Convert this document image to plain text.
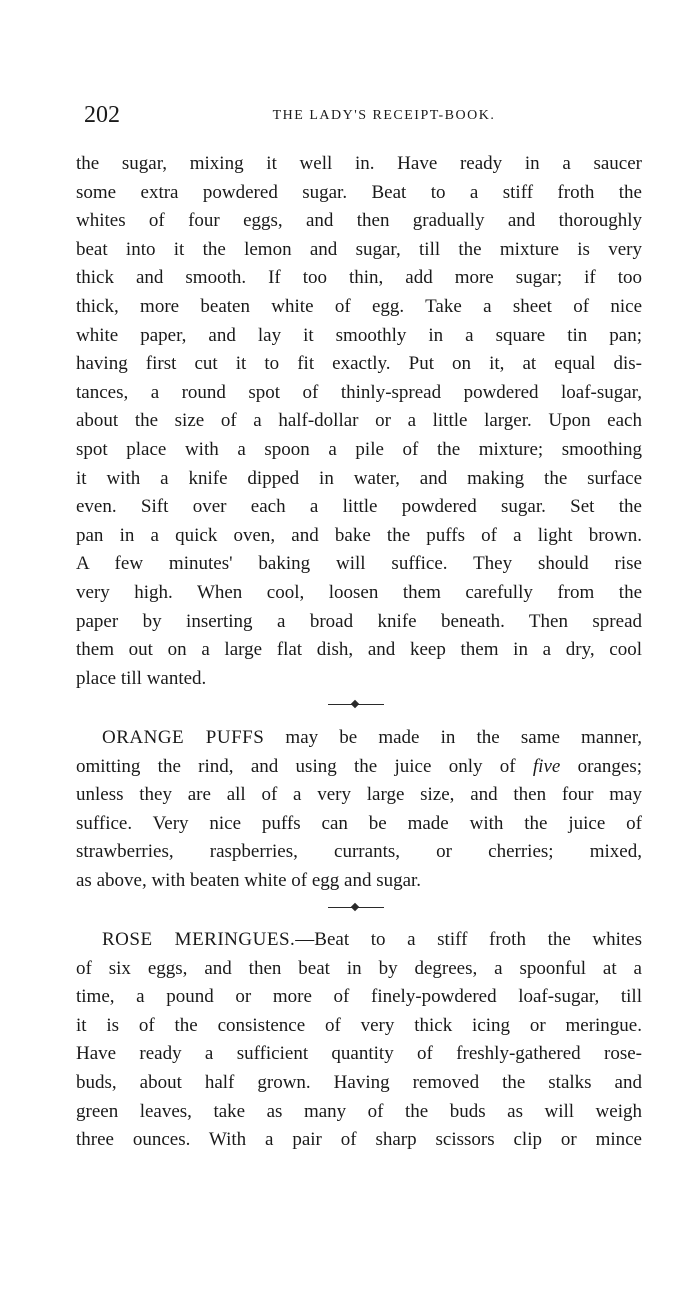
202	THE LADY'S RECEIPT-BOOK.
the sugar, mixing it well in. Have ready in a saucer
some extra powdered sugar. Beat to a stiff froth the
whites of four eggs, and then gradually and thoroughly
beat into it the lemon and sugar, till the mixture is very
thick and smooth. If too thin, add more sugar; if too
thick, more beaten white of egg. Take a sheet of nice
white paper, and lay it smoothly in a square tin pan;
having first cut it to fit exactly. Put on it, at equal dis-
tances, a round spot of thinly-spread powdered loaf-sugar,
about the size of a half-dollar or a little larger. Upon each
spot place with a spoon a pile of the mixture; smoothing
it with a knife dipped in water, and making the surface
even. Sift over each a little powdered sugar. Set the
pan in a quick oven, and bake the puffs of a light brown.
A few minutes' baking will suffice. They should rise
very high. When cool, loosen them carefully from the
paper by inserting a broad knife beneath. Then spread
them out on a large flat dish, and keep them in a dry, cool
place till wanted.
ORANGE PUFFS may be made in the same manner,
omitting the rind, and using the juice only of five oranges;
unless they are all of a very large size, and then four may
suffice. Very nice puffs can be made with the juice of
strawberries, raspberries, currants, or cherries; mixed,
as above, with beaten white of egg and sugar.
ROSE MERINGUES.—Beat to a stiff froth the whites
of six eggs, and then beat in by degrees, a spoonful at a
time, a pound or more of finely-powdered loaf-sugar, till
it is of the consistence of very thick icing or meringue.
Have ready a sufficient quantity of freshly-gathered rose-
buds, about half grown. Having removed the stalks and
green leaves, take as many of the buds as will weigh
three ounces. With a pair of sharp scissors clip or mince
